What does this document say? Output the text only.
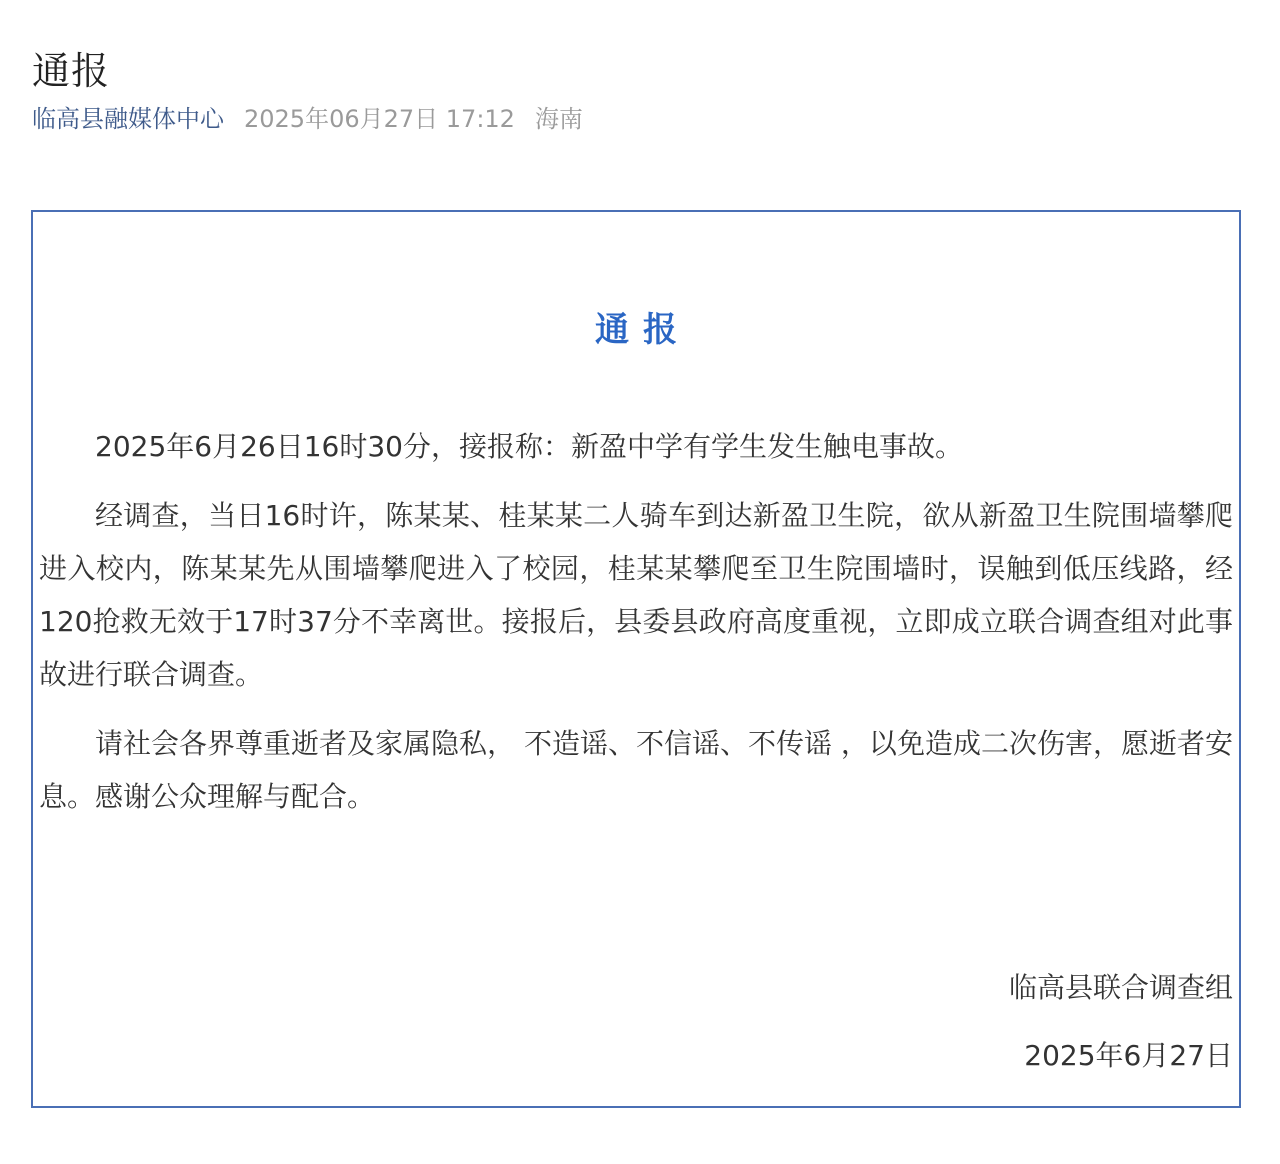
通报
临高县融媒体中心 2025年06月27日 17:12 海南
通报

2025年6月26日16时30分，接报称：新盈中学有学生发生触电事故。

经调查，当日16时许，陈某某、桂某某二人骑车到达新盈卫生院，欲从新盈卫生院围墙攀爬进入校内，陈某某先从围墙攀爬进入了校园，桂某某攀爬至卫生院围墙时，误触到低压线路，经120抢救无效于17时37分不幸离世。接报后，县委县政府高度重视，立即成立联合调查组对此事故进行联合调查。

请社会各界尊重逝者及家属隐私， 不造谣、不信谣、不传谣 ，以免造成二次伤害，愿逝者安息。感谢公众理解与配合。

临高县联合调查组
2025年6月27日
